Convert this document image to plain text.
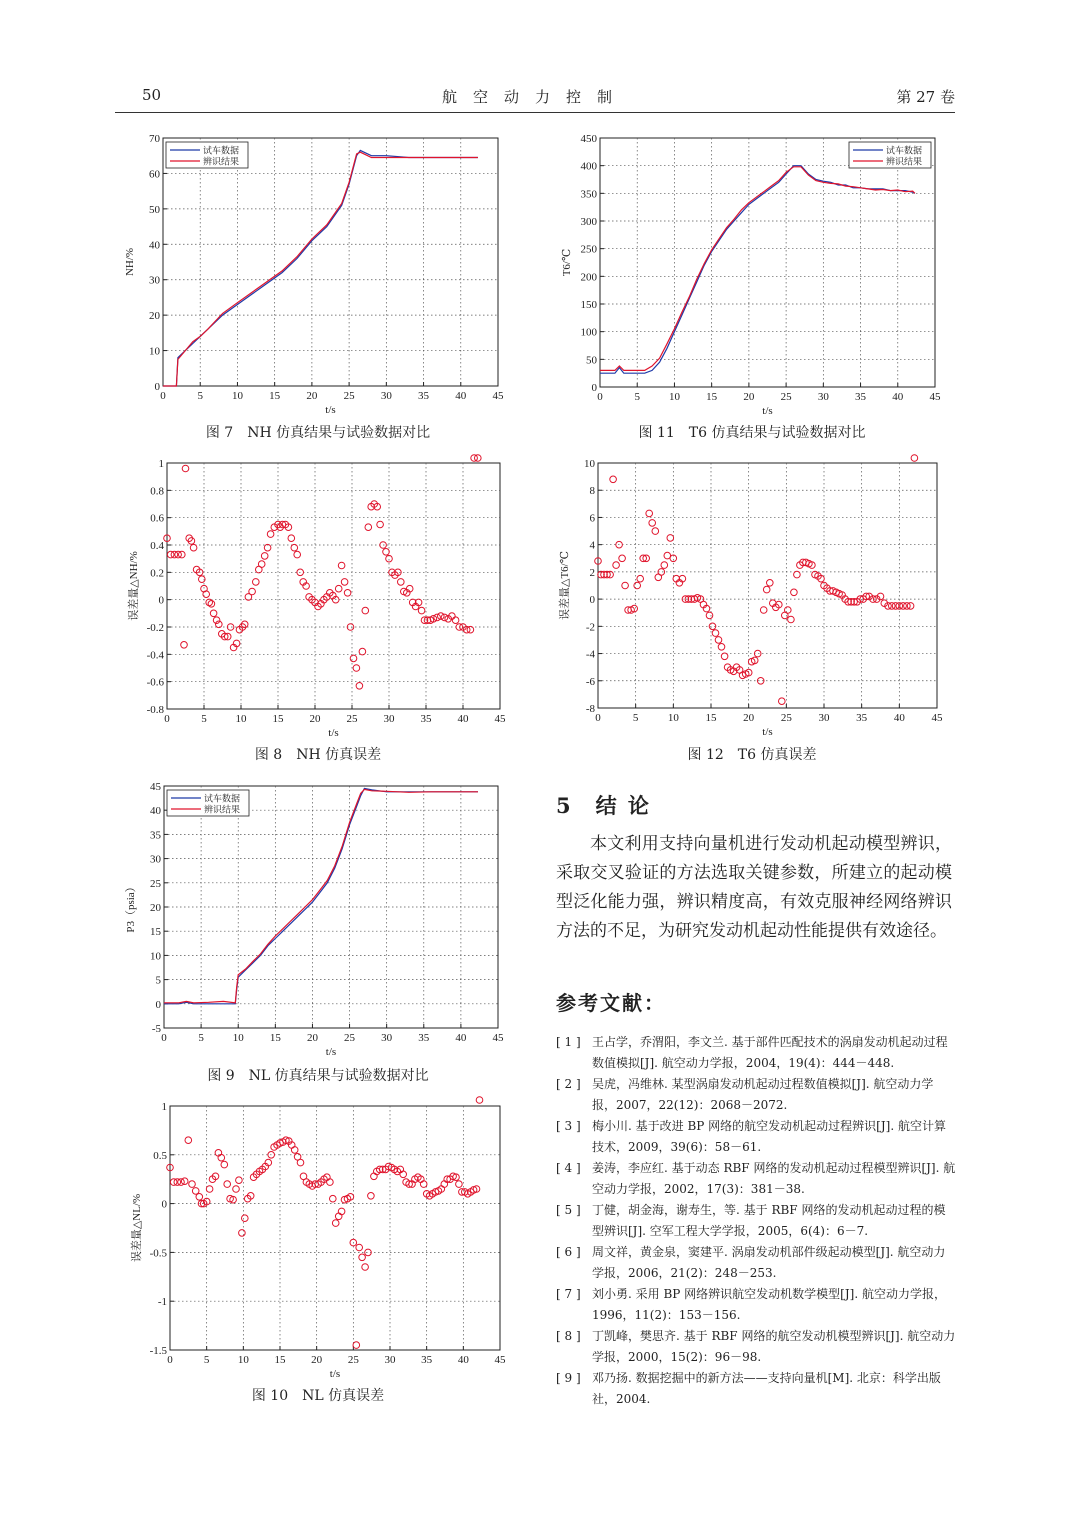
50	航空动力控制	第 27 卷
0	5	10 15 20 25 30 35 40 45
0
10
20
30
40
50
60
70
t/s
NH/%
试车数据
辨识结果
图 7　NH 仿真结果与试验数据对比
0	5	10 15 20 25 30 35 40 45
-0.8
-0.6
-0.4
-0.2
0
0.2
0.4
0.6
0.8
1
t/s
误差量△NH/%
图 8　NH 仿真误差
0	5	10 15 20 25 30 35 40 45
-5
0
5
10
15
20
25
30
35
40
45
t/s
P3（psia）
试车数据
辨识结果
图 9　NL 仿真结果与试验数据对比
0	5	10 15 20 25 30 35 40 45
-1.5
-1
-0.5
0
0.5
1
t/s
误差量△NL/%
图 10　NL 仿真误差
0	5	10 15 20 25 30 35 40 45
0
50
100
150
200
250
300
350
400
450
t/s
T6/℃
试车数据
辨识结果
图 11　T6 仿真结果与试验数据对比
0	5	10 15 20 25 30 35 40 45
-8
-6
-4
-2
0
2
4
6
8
10
t/s
误差量△T6/℃
图 12　T6 仿真误差
5　结 论
本文利用支持向量机进行发动机起动模型辨识，采取交叉验证的方法选取关键参数，所建立的起动模型泛化能力强，辨识精度高，有效克服神经网络辨识方法的不足，为研究发动机起动性能提供有效途径。
参考文献：
[ 1 ] 王占学，乔渭阳，李文兰. 基于部件匹配技术的涡扇发动机起动过程数值模拟[J]. 航空动力学报，2004，19(4)：444－448.
[ 2 ] 吴虎，冯维林. 某型涡扇发动机起动过程数值模拟[J]. 航空动力学报，2007，22(12)：2068－2072.
[ 3 ] 梅小川. 基于改进 BP 网络的航空发动机起动过程辨识[J]. 航空计算技术，2009，39(6)：58－61.
[ 4 ] 姜涛，李应红. 基于动态 RBF 网络的发动机起动过程模型辨识[J]. 航空动力学报，2002，17(3)：381－38.
[ 5 ] 丁健，胡金海，谢寿生，等. 基于 RBF 网络的发动机起动过程的模型辨识[J]. 空军工程大学学报，2005，6(4)：6－7.
[ 6 ] 周文祥，黄金泉，窦建平. 涡扇发动机部件级起动模型[J]. 航空动力学报，2006，21(2)：248－253.
[ 7 ] 刘小勇. 采用 BP 网络辨识航空发动机数学模型[J]. 航空动力学报，1996，11(2)：153－156.
[ 8 ] 丁凯峰，樊思齐. 基于 RBF 网络的航空发动机模型辨识[J]. 航空动力学报，2000，15(2)：96－98.
[ 9 ] 邓乃扬. 数据挖掘中的新方法——支持向量机[M]. 北京：科学出版社，2004.
